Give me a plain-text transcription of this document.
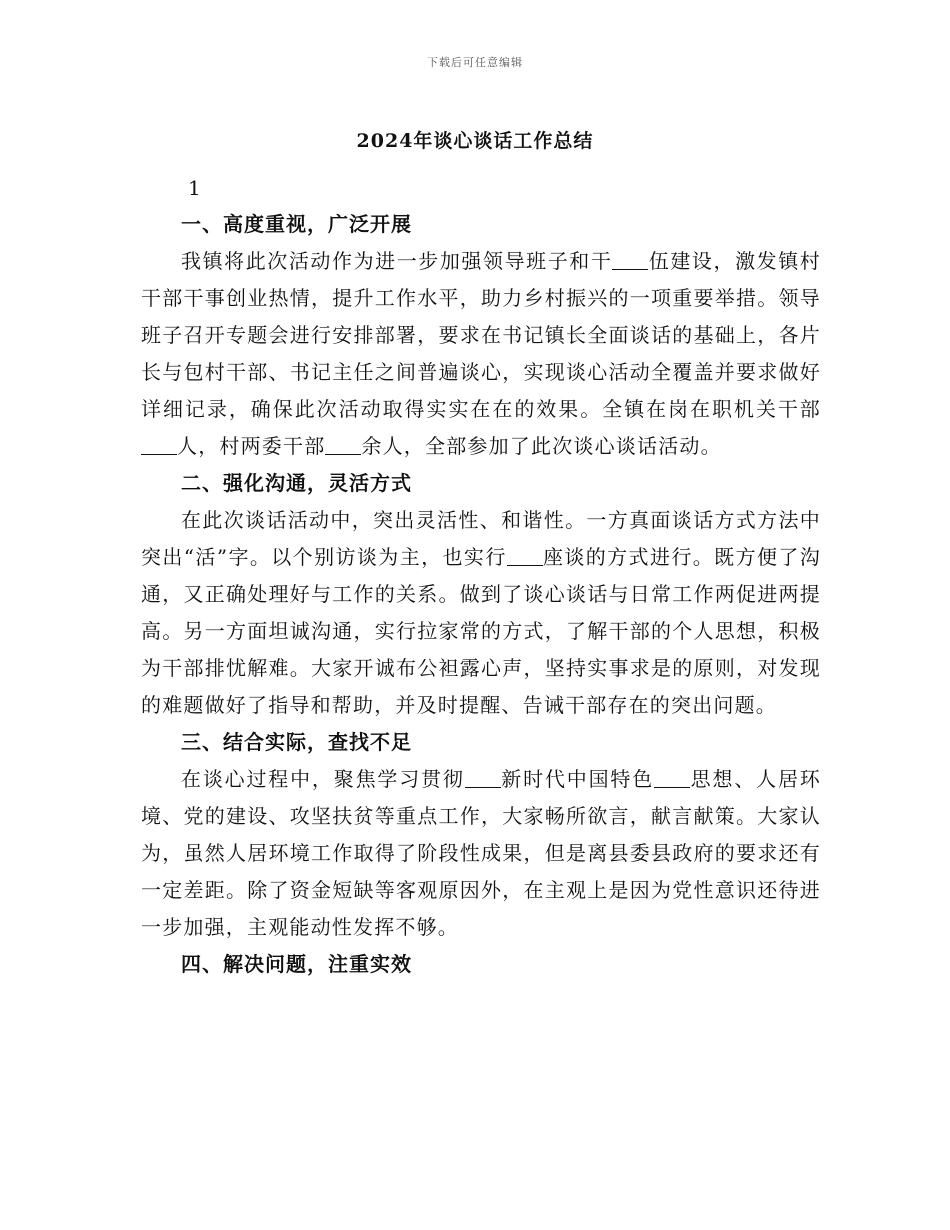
下载后可任意编辑
2024年谈心谈话工作总结
1

一、高度重视，广泛开展

我镇将此次活动作为进一步加强领导班子和干 伍建设，激发镇村干部干事创业热情，提升工作水平，助力乡村振兴的一项重要举措。领导班子召开专题会进行安排部署，要求在书记镇长全面谈话的基础上，各片长与包村干部、书记主任之间普遍谈心，实现谈心活动全覆盖并要求做好详细记录，确保此次活动取得实实在在的效果。全镇在岗在职机关干部人，村两委干部 余人，全部参加了此次谈心谈话活动。

二、强化沟通，灵活方式

在此次谈话活动中，突出灵活性、和谐性。一方真面谈话方式方法中突出“活”字。以个别访谈为主，也实行 座谈的方式进行。既方便了沟通，又正确处理好与工作的关系。做到了谈心谈话与日常工作两促进两提高。另一方面坦诚沟通，实行拉家常的方式，了解干部的个人思想，积极为干部排忧解难。大家开诚布公袒露心声，坚持实事求是的原则，对发现的难题做好了指导和帮助，并及时提醒、告诫干部存在的突出问题。

三、结合实际，查找不足

在谈心过程中，聚焦学习贯彻 新时代中国特色 思想、人居环境、党的建设、攻坚扶贫等重点工作，大家畅所欲言，献言献策。大家认为，虽然人居环境工作取得了阶段性成果，但是离县委县政府的要求还有一定差距。除了资金短缺等客观原因外，在主观上是因为党性意识还待进一步加强，主观能动性发挥不够。

四、解决问题，注重实效
